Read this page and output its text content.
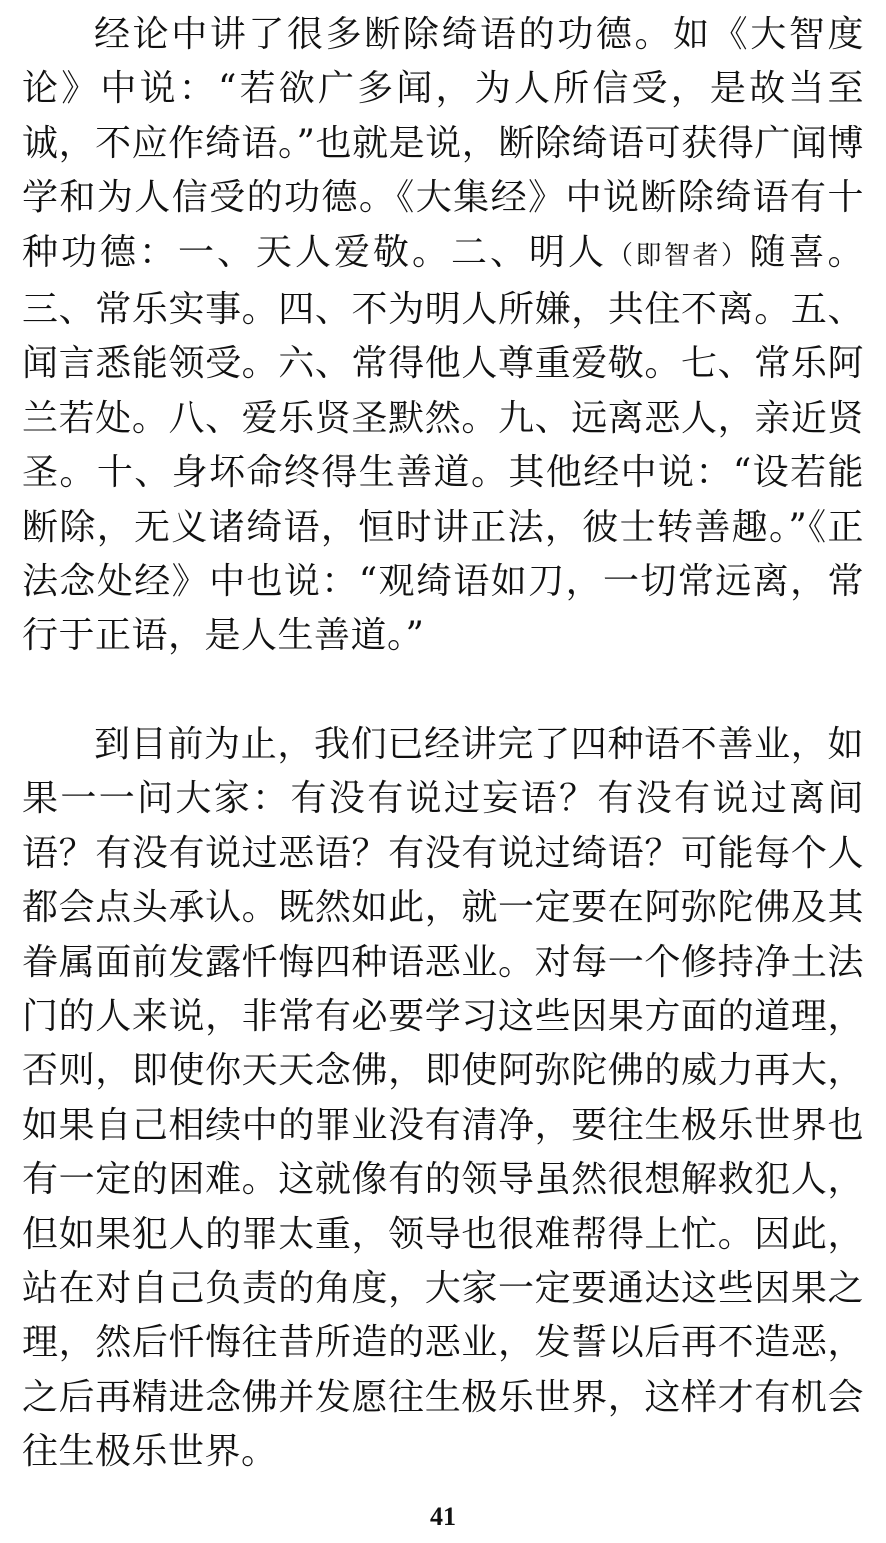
经论中讲了很多断除绮语的功德。如《大智度论》中说：“若欲广多闻，为人所信受，是故当至诚，不应作绮语。”也就是说，断除绮语可获得广闻博学和为人信受的功德。《大集经》中说断除绮语有十种功德：一、天人爱敬。二、明人（即智者）随喜。三、常乐实事。四、不为明人所嫌，共住不离。五、闻言悉能领受。六、常得他人尊重爱敬。七、常乐阿兰若处。八、爱乐贤圣默然。九、远离恶人，亲近贤圣。十、身坏命终得生善道。其他经中说：“设若能断除，无义诸绮语，恒时讲正法，彼士转善趣。”《正法念处经》中也说：“观绮语如刀，一切常远离，常行于正语，是人生善道。”

到目前为止，我们已经讲完了四种语不善业，如果一一问大家：有没有说过妄语？有没有说过离间语？有没有说过恶语？有没有说过绮语？可能每个人都会点头承认。既然如此，就一定要在阿弥陀佛及其眷属面前发露忏悔四种语恶业。对每一个修持净土法门的人来说，非常有必要学习这些因果方面的道理，否则，即使你天天念佛，即使阿弥陀佛的威力再大，如果自己相续中的罪业没有清净，要往生极乐世界也有一定的困难。这就像有的领导虽然很想解救犯人，但如果犯人的罪太重，领导也很难帮得上忙。因此，站在对自己负责的角度，大家一定要通达这些因果之理，然后忏悔往昔所造的恶业，发誓以后再不造恶，之后再精进念佛并发愿往生极乐世界，这样才有机会往生极乐世界。

41
